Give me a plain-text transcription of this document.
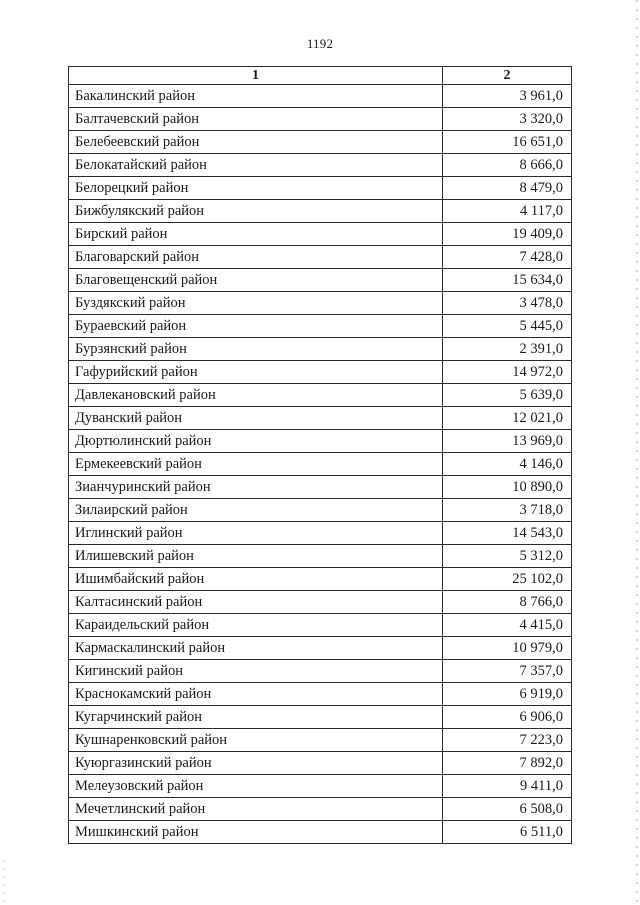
1192
1	2
Бакалинский район	3 961,0
Балтачевский район	3 320,0
Белебеевский район	16 651,0
Белокатайский район	8 666,0
Белорецкий район	8 479,0
Бижбулякский район	4 117,0
Бирский район	19 409,0
Благоварский район	7 428,0
Благовещенский район	15 634,0
Буздякский район	3 478,0
Бураевский район	5 445,0
Бурзянский район	2 391,0
Гафурийский район	14 972,0
Давлекановский район	5 639,0
Дуванский район	12 021,0
Дюртюлинский район	13 969,0
Ермекеевский район	4 146,0
Зианчуринский район	10 890,0
Зилаирский район	3 718,0
Иглинский район	14 543,0
Илишевский район	5 312,0
Ишимбайский район	25 102,0
Калтасинский район	8 766,0
Караидельский район	4 415,0
Кармаскалинский район	10 979,0
Кигинский район	7 357,0
Краснокамский район	6 919,0
Кугарчинский район	6 906,0
Кушнаренковский район	7 223,0
Куюргазинский район	7 892,0
Мелеузовский район	9 411,0
Мечетлинский район	6 508,0
Мишкинский район	6 511,0
